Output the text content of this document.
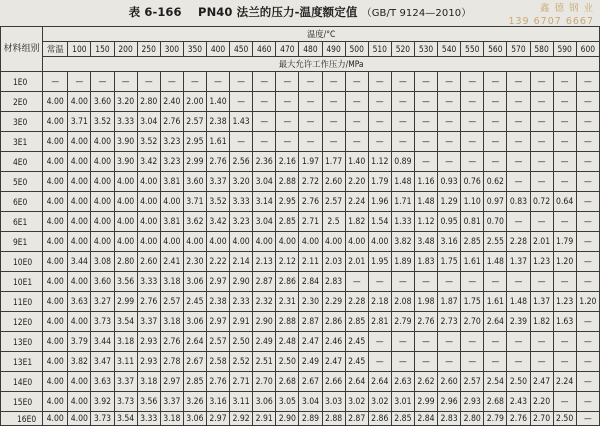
表 6-166 PN40 法兰的压力-温度额定值 （GB/T 9124—2010）	鑫 德 钢 业
139 6707 6667
材料组别	温度/°C																							
	常温	100	150	200	250	300	350	400	450	460	470	480	490	500	510	520	530	540	550	560	570	580	590	600
	最大允许工作压力/MPa																							
1E0	—	—	—	—	—	—	—	—	—	—	—	—	—	—	—	—	—	—	—	—	—	—	—	—
2E0	4.00	4.00	3.60	3.20	2.80	2.40	2.00	1.40	—	—	—	—	—	—	—	—	—	—	—	—	—	—	—	—
3E0	4.00	3.71	3.52	3.33	3.04	2.76	2.57	2.38	1.43	—	—	—	—	—	—	—	—	—	—	—	—	—	—	—
3E1	4.00	4.00	4.00	3.90	3.52	3.23	2.95	1.61	—	—	—	—	—	—	—	—	—	—	—	—	—	—	—	—
4E0	4.00	4.00	4.00	3.90	3.42	3.23	2.99	2.76	2.56	2.36	2.16	1.97	1.77	1.40	1.12	0.89	—	—	—	—	—	—	—	—
5E0	4.00	4.00	4.00	4.00	4.00	3.81	3.60	3.37	3.20	3.04	2.88	2.72	2.60	2.20	1.79	1.48	1.16	0.93	0.76	0.62	—	—	—	—
6E0	4.00	4.00	4.00	4.00	4.00	4.00	3.71	3.52	3.33	3.14	2.95	2.76	2.57	2.24	1.96	1.71	1.48	1.29	1.10	0.97	0.83	0.72	0.64	—
6E1	4.00	4.00	4.00	4.00	4.00	3.81	3.62	3.42	3.23	3.04	2.85	2.71	2.5	1.82	1.54	1.33	1.12	0.95	0.81	0.70	—	—	—	—
9E1	4.00	4.00	4.00	4.00	4.00	4.00	4.00	4.00	4.00	4.00	4.00	4.00	4.00	4.00	4.00	3.82	3.48	3.16	2.85	2.55	2.28	2.01	1.79	—
10E0	4.00	3.44	3.08	2.80	2.60	2.41	2.30	2.22	2.14	2.13	2.12	2.11	2.03	2.01	1.95	1.89	1.83	1.75	1.61	1.48	1.37	1.23	1.20	—
10E1	4.00	4.00	3.60	3.56	3.33	3.18	3.06	2.97	2.90	2.87	2.86	2.84	2.83	—	—	—	—	—	—	—	—	—	—	—
11E0	4.00	3.63	3.27	2.99	2.76	2.57	2.45	2.38	2.33	2.32	2.31	2.30	2.29	2.28	2.18	2.08	1.98	1.87	1.75	1.61	1.48	1.37	1.23	1.20
12E0	4.00	4.00	3.73	3.54	3.37	3.18	3.06	2.97	2.91	2.90	2.88	2.87	2.86	2.85	2.81	2.79	2.76	2.73	2.70	2.64	2.39	1.82	1.63	—
13E0	4.00	3.79	3.44	3.18	2.93	2.76	2.64	2.57	2.50	2.49	2.48	2.47	2.46	2.45	—	—	—	—	—	—	—	—	—	—
13E1	4.00	3.82	3.47	3.11	2.93	2.78	2.67	2.58	2.52	2.51	2.50	2.49	2.47	2.45	—	—	—	—	—	—	—	—	—	—
14E0	4.00	4.00	3.63	3.37	3.18	2.97	2.85	2.76	2.71	2.70	2.68	2.67	2.66	2.64	2.64	2.63	2.62	2.60	2.57	2.54	2.50	2.47	2.24	—
15E0	4.00	4.00	3.92	3.73	3.56	3.37	3.26	3.16	3.11	3.06	3.05	3.04	3.03	3.02	3.02	3.01	2.99	2.96	2.93	2.68	2.43	2.20	—	—
16E0	4.00	4.00	3.73	3.54	3.33	3.18	3.06	2.97	2.92	2.91	2.90	2.89	2.88	2.87	2.86	2.85	2.84	2.83	2.80	2.79	2.76	2.70	2.50	—
